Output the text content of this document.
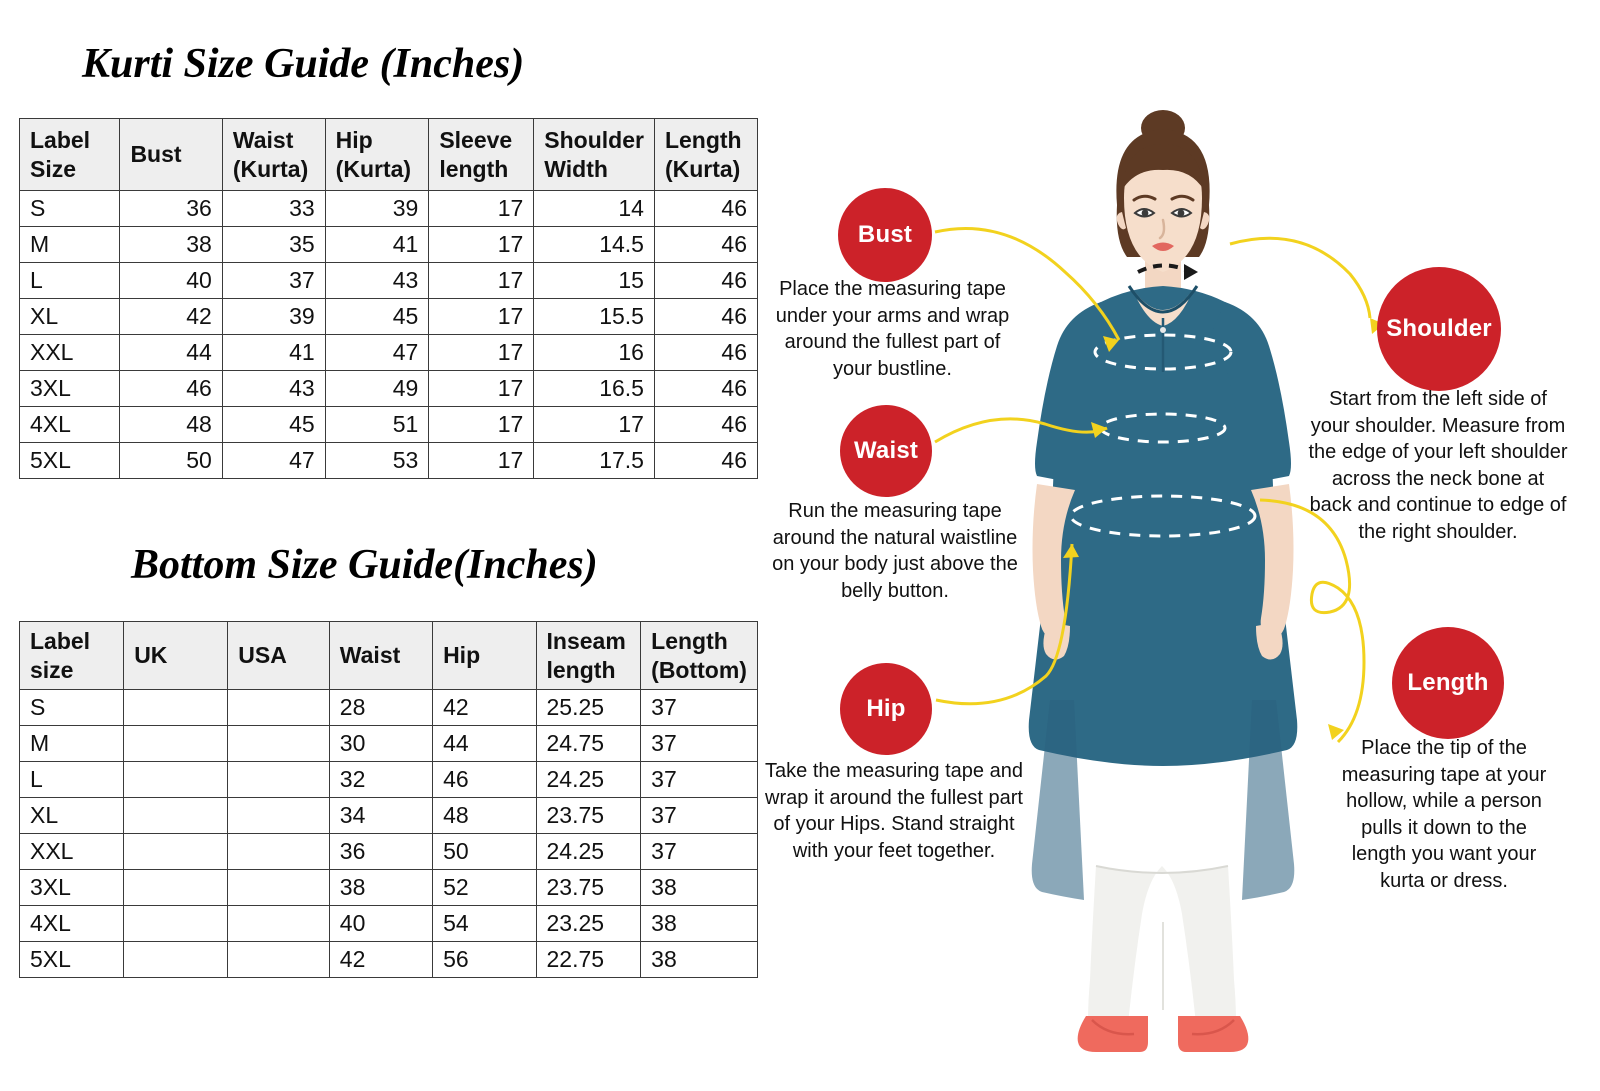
Kurti Size Guide (Inches)
Bottom Size Guide(Inches)
Label Size	Bust	Waist (Kurta)	Hip (Kurta)	Sleeve length	Shoulder Width	Length (Kurta)
S	36	33	39	17	14	46
M	38	35	41	17	14.5	46
L	40	37	43	17	15	46
XL	42	39	45	17	15.5	46
XXL	44	41	47	17	16	46
3XL	46	43	49	17	16.5	46
4XL	48	45	51	17	17	46
5XL	50	47	53	17	17.5	46
Label size	UK	USA	Waist	Hip	Inseam length	Length (Bottom)
S			28	42	25.25	37
M			30	44	24.75	37
L			32	46	24.25	37
XL			34	48	23.75	37
XXL			36	50	24.25	37
3XL			38	52	23.75	38
4XL			40	54	23.25	38
5XL			42	56	22.75	38
Bust
Waist
Hip
Shoulder
Length
Place the measuring tape under your arms and wrap around the fullest part of your bustline.
Run the measuring tape around the natural waistline on your body just above the belly button.
Take the measuring tape and wrap it around the fullest part of your Hips. Stand straight with your feet together.
Start from the left side of your shoulder. Measure from the edge of your left shoulder across the neck bone at back and continue to edge of the right shoulder.
Place the tip of the measuring tape at your hollow, while a person pulls it down to the length you want your kurta or dress.
